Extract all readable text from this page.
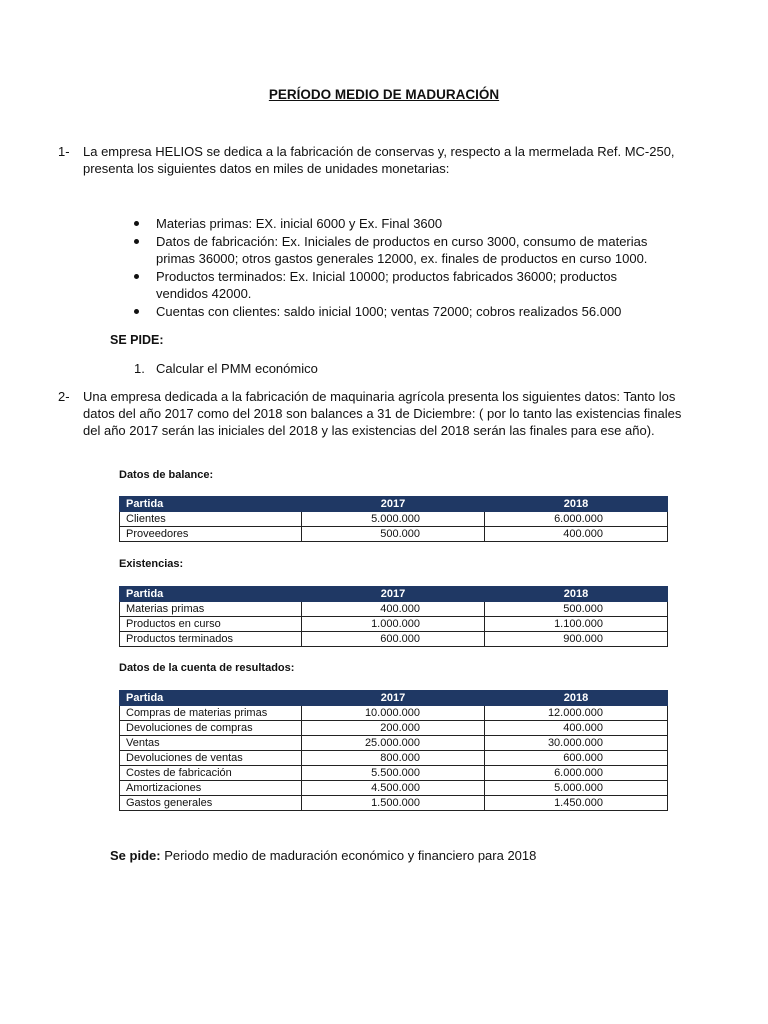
PERÍODO MEDIO DE MADURACIÓN
1- La empresa HELIOS se dedica a la fabricación de conservas y, respecto a la mermelada Ref. MC-250, presenta los siguientes datos en miles de unidades monetarias:
Materias primas: EX. inicial 6000 y Ex. Final 3600
Datos de fabricación: Ex. Iniciales de productos en curso 3000, consumo de materias primas 36000; otros gastos generales 12000, ex. finales de productos en curso 1000.
Productos terminados: Ex. Inicial 10000; productos fabricados 36000; productos vendidos 42000.
Cuentas con clientes: saldo inicial 1000; ventas 72000; cobros realizados 56.000
SE PIDE:
1. Calcular el PMM económico
2- Una empresa dedicada a la fabricación de maquinaria agrícola presenta los siguientes datos: Tanto los datos del año 2017 como del 2018 son balances a 31 de Diciembre: ( por lo tanto las existencias finales del año 2017 serán las iniciales del 2018 y las existencias del 2018 serán las finales para ese año).
Datos de balance:
Partida	2017	2018
Clientes	5.000.000	6.000.000
Proveedores	500.000	400.000
Existencias:
Partida	2017	2018
Materias primas	400.000	500.000
Productos en curso	1.000.000	1.100.000
Productos terminados	600.000	900.000
Datos de la cuenta de resultados:
Partida	2017	2018
Compras de materias primas	10.000.000	12.000.000
Devoluciones de compras	200.000	400.000
Ventas	25.000.000	30.000.000
Devoluciones de ventas	800.000	600.000
Costes de fabricación	5.500.000	6.000.000
Amortizaciones	4.500.000	5.000.000
Gastos generales	1.500.000	1.450.000
Se pide: Periodo medio de maduración económico y financiero para 2018
